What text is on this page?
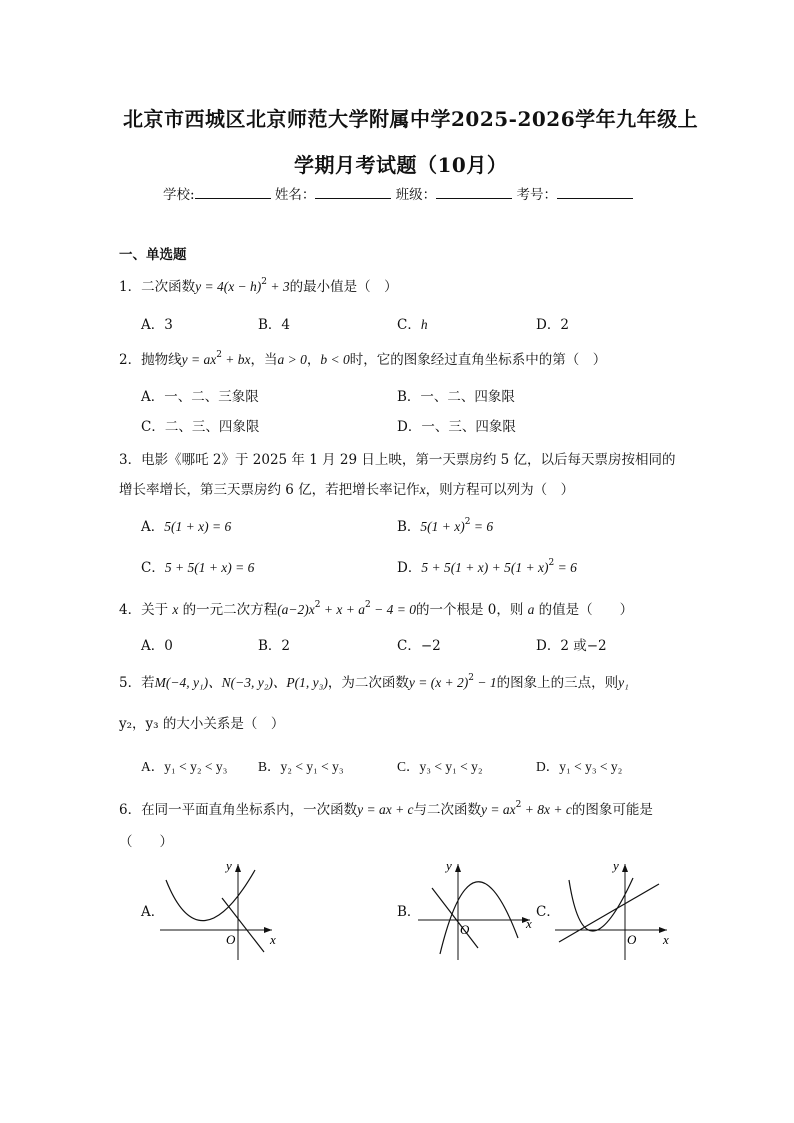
北京市西城区北京师范大学附属中学2025-2026学年九年级上
学期月考试题（10月）
学校:	姓名：	班级：	考号：
一、单选题
1．二次函数$y = 4(x - h)^2 + 3$的最小值是（　）
A．3	B．4	C．h	D．2
2．抛物线$y = ax^2$ + bx，当a > 0，b < 0时，它的图象经过直角坐标系中的第（　）
A．一、二、三象限	B．一、二、四象限
C．二、三、四象限	D．一、三、四象限
3．电影《哪吒 2》于 2025 年 1 月 29 日上映，第一天票房约 5 亿，以后每天票房按相同的
增长率增长，第三天票房约 6 亿，若把增长率记作x，则方程可以列为（　）
A．5(1 + x) = 6	B．$5(1 + x)^2 = 6$
C．5 + 5(1 + x) = 6	D．$5 + 5(1 + x) + 5(1 + x)^2 = 6$
4．关于 x 的一元二次方程$(a-2)x^2 + x + a^2 - 4 = 0$的一个根是 0，则 a 的值是（　　）
A．0	B．2	C．−2	D．2 或−2
5．若M(−4, y₁)、N(−3, y₂)、P(1, y₃)，为二次函数$y = (x + 2)^2 - 1$的图象上的三点，则y₁
y₂，y₃ 的大小关系是（　）
A．y₁ < y₂ < y₃ B．y₂ < y₁ < y₃	C．y₃ < y₁ < y₂	D．y₁ < y₃ < y₂
6．在同一平面直角坐标系内，一次函数y = ax + c与二次函数$y = ax^2 + 8x + c$的图象可能是
（　　）
A．
x
y
O
B．
x
y
O
C．
x
y
O
